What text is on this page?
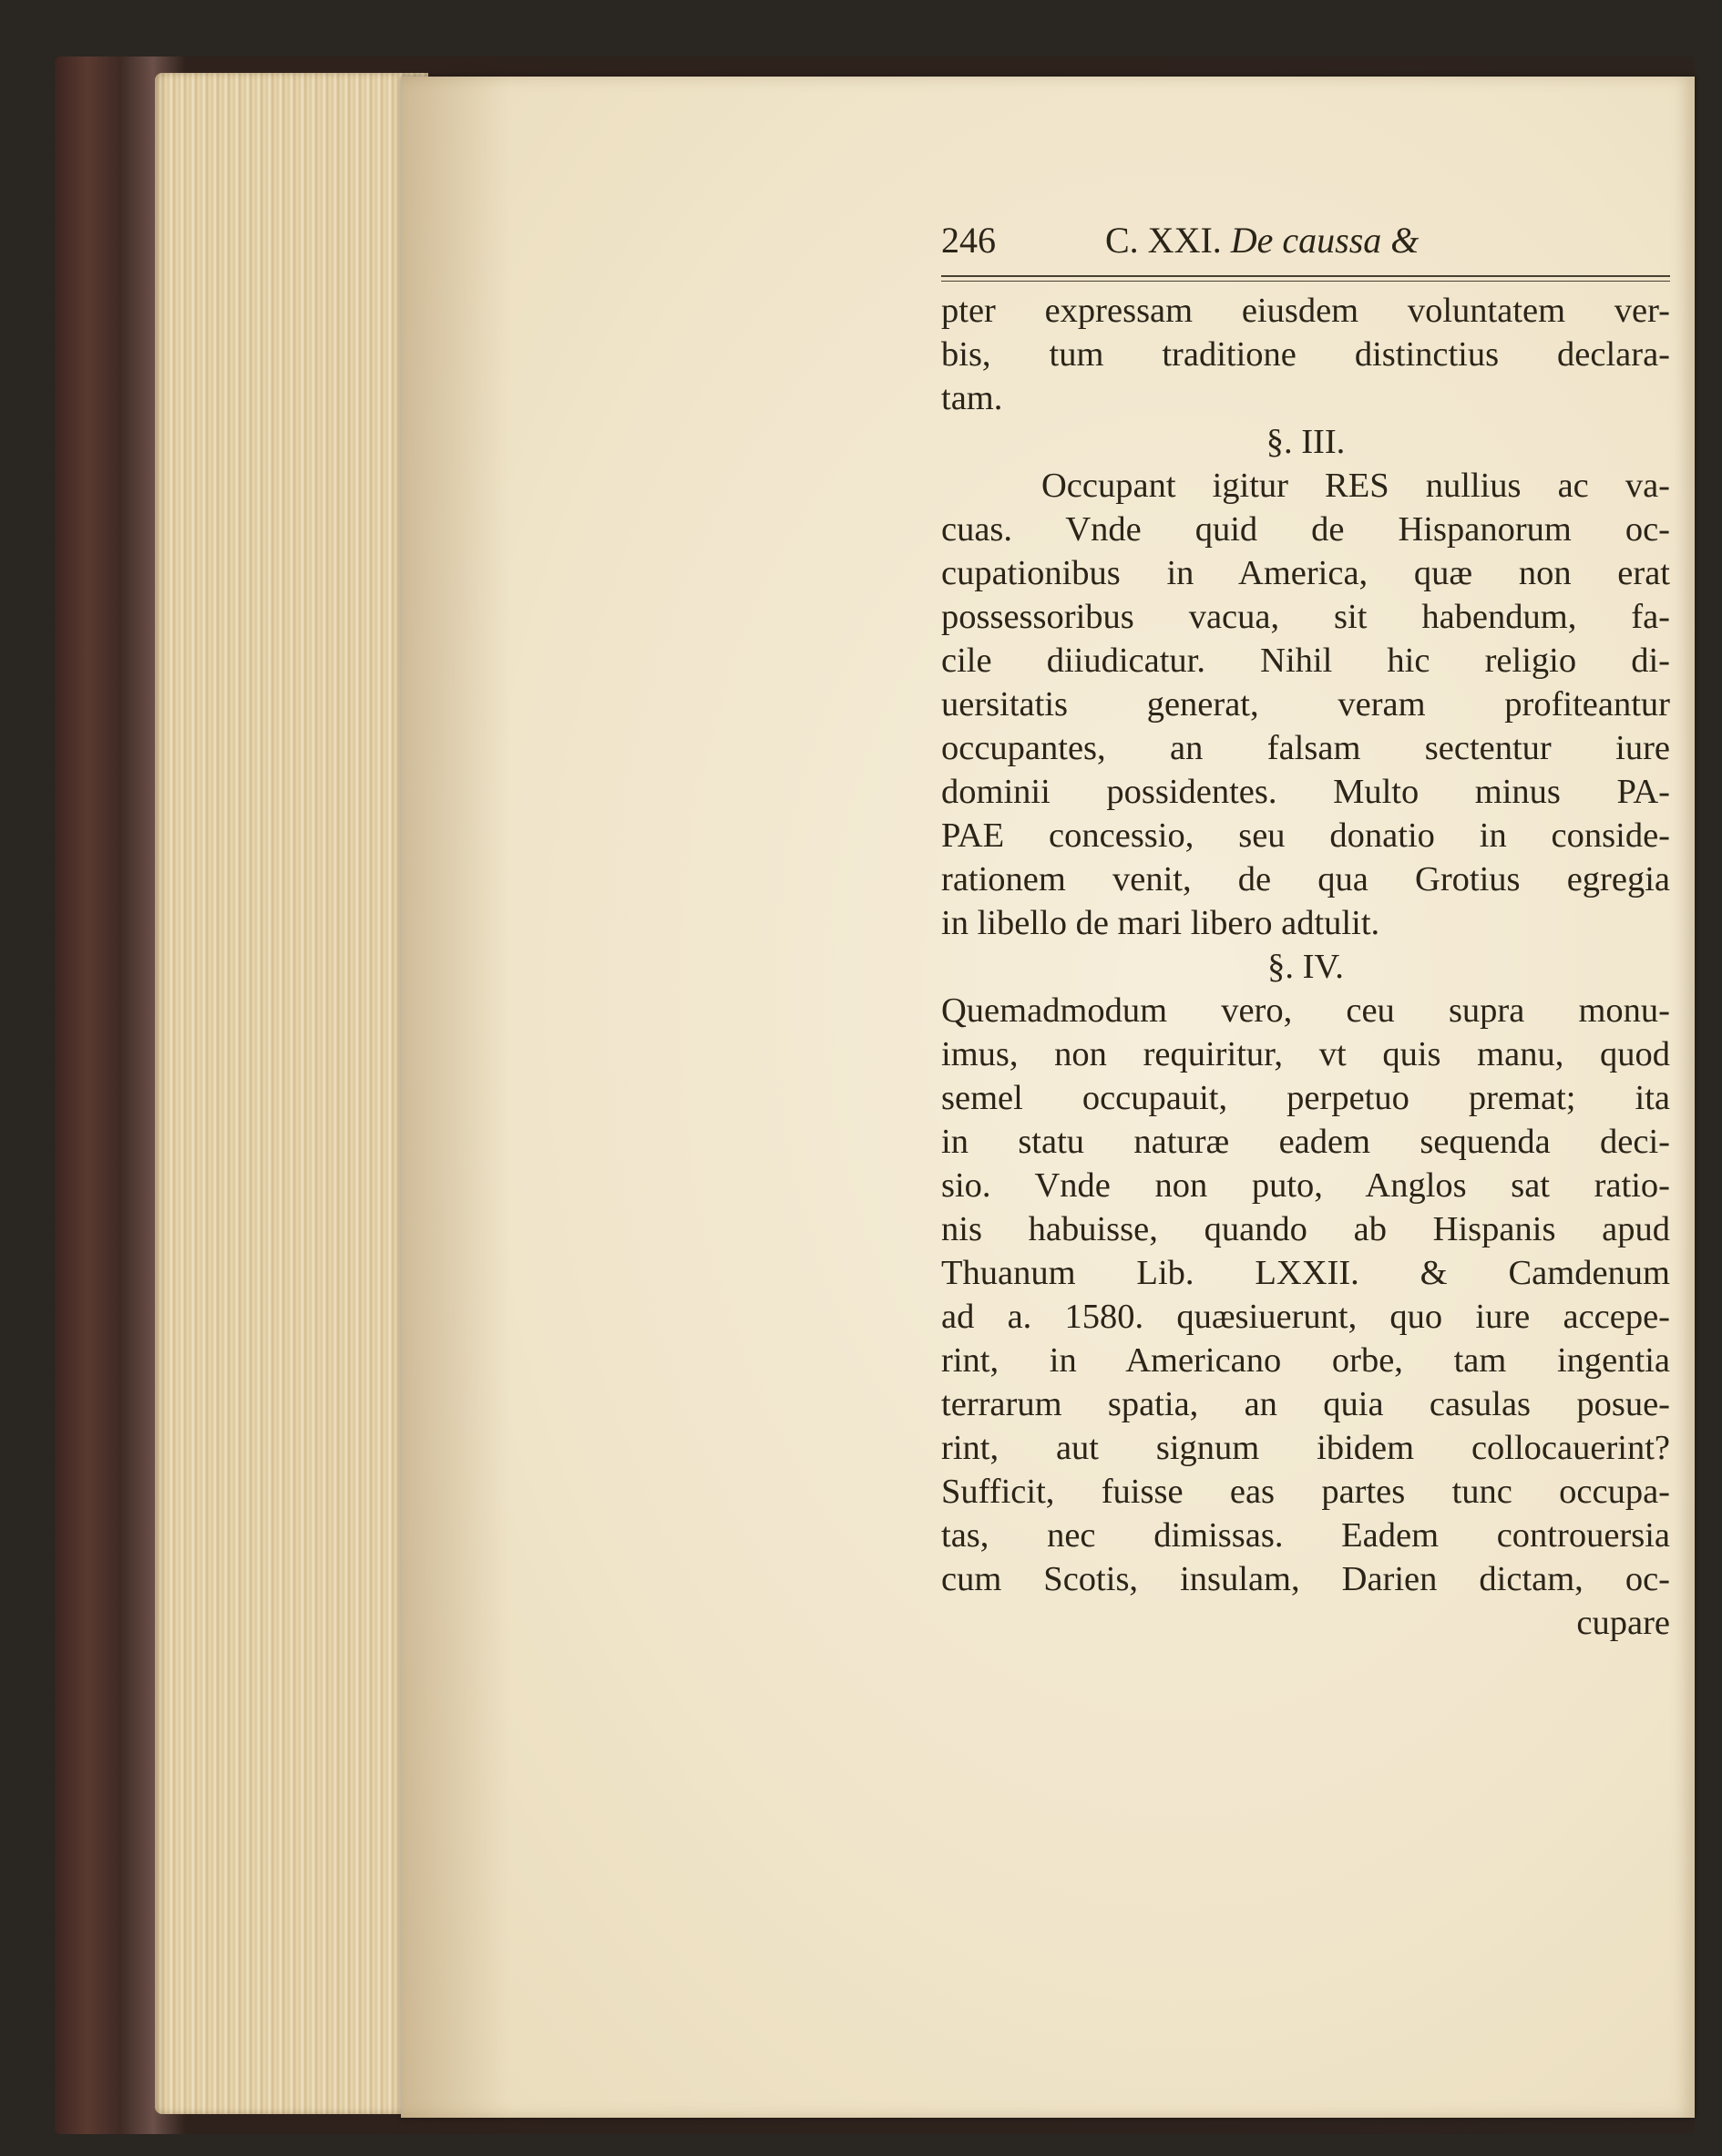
246	C. XXI. De caussa &
pter expressam eiusdem voluntatem ver-
bis, tum traditione distinctius declara-
tam.
§. III.
Occupant igitur RES nullius ac va-
cuas. Vnde quid de Hispanorum oc-
cupationibus in America, quæ non erat
possessoribus vacua, sit habendum, fa-
cile diiudicatur. Nihil hic religio di-
uersitatis generat, veram profiteantur
occupantes, an falsam sectentur iure
dominii possidentes. Multo minus PA-
PAE concessio, seu donatio in conside-
rationem venit, de qua Grotius egregia
in libello de mari libero adtulit.
§. IV.
Quemadmodum vero, ceu supra monu-
imus, non requiritur, vt quis manu, quod
semel occupauit, perpetuo premat; ita
in statu naturæ eadem sequenda deci-
sio. Vnde non puto, Anglos sat ratio-
nis habuisse, quando ab Hispanis apud
Thuanum Lib. LXXII. & Camdenum
ad a. 1580. quæsiuerunt, quo iure accepe-
rint, in Americano orbe, tam ingentia
terrarum spatia, an quia casulas posue-
rint, aut signum ibidem collocauerint?
Sufficit, fuisse eas partes tunc occupa-
tas, nec dimissas. Eadem controuersia
cum Scotis, insulam, Darien dictam, oc-
cupare
